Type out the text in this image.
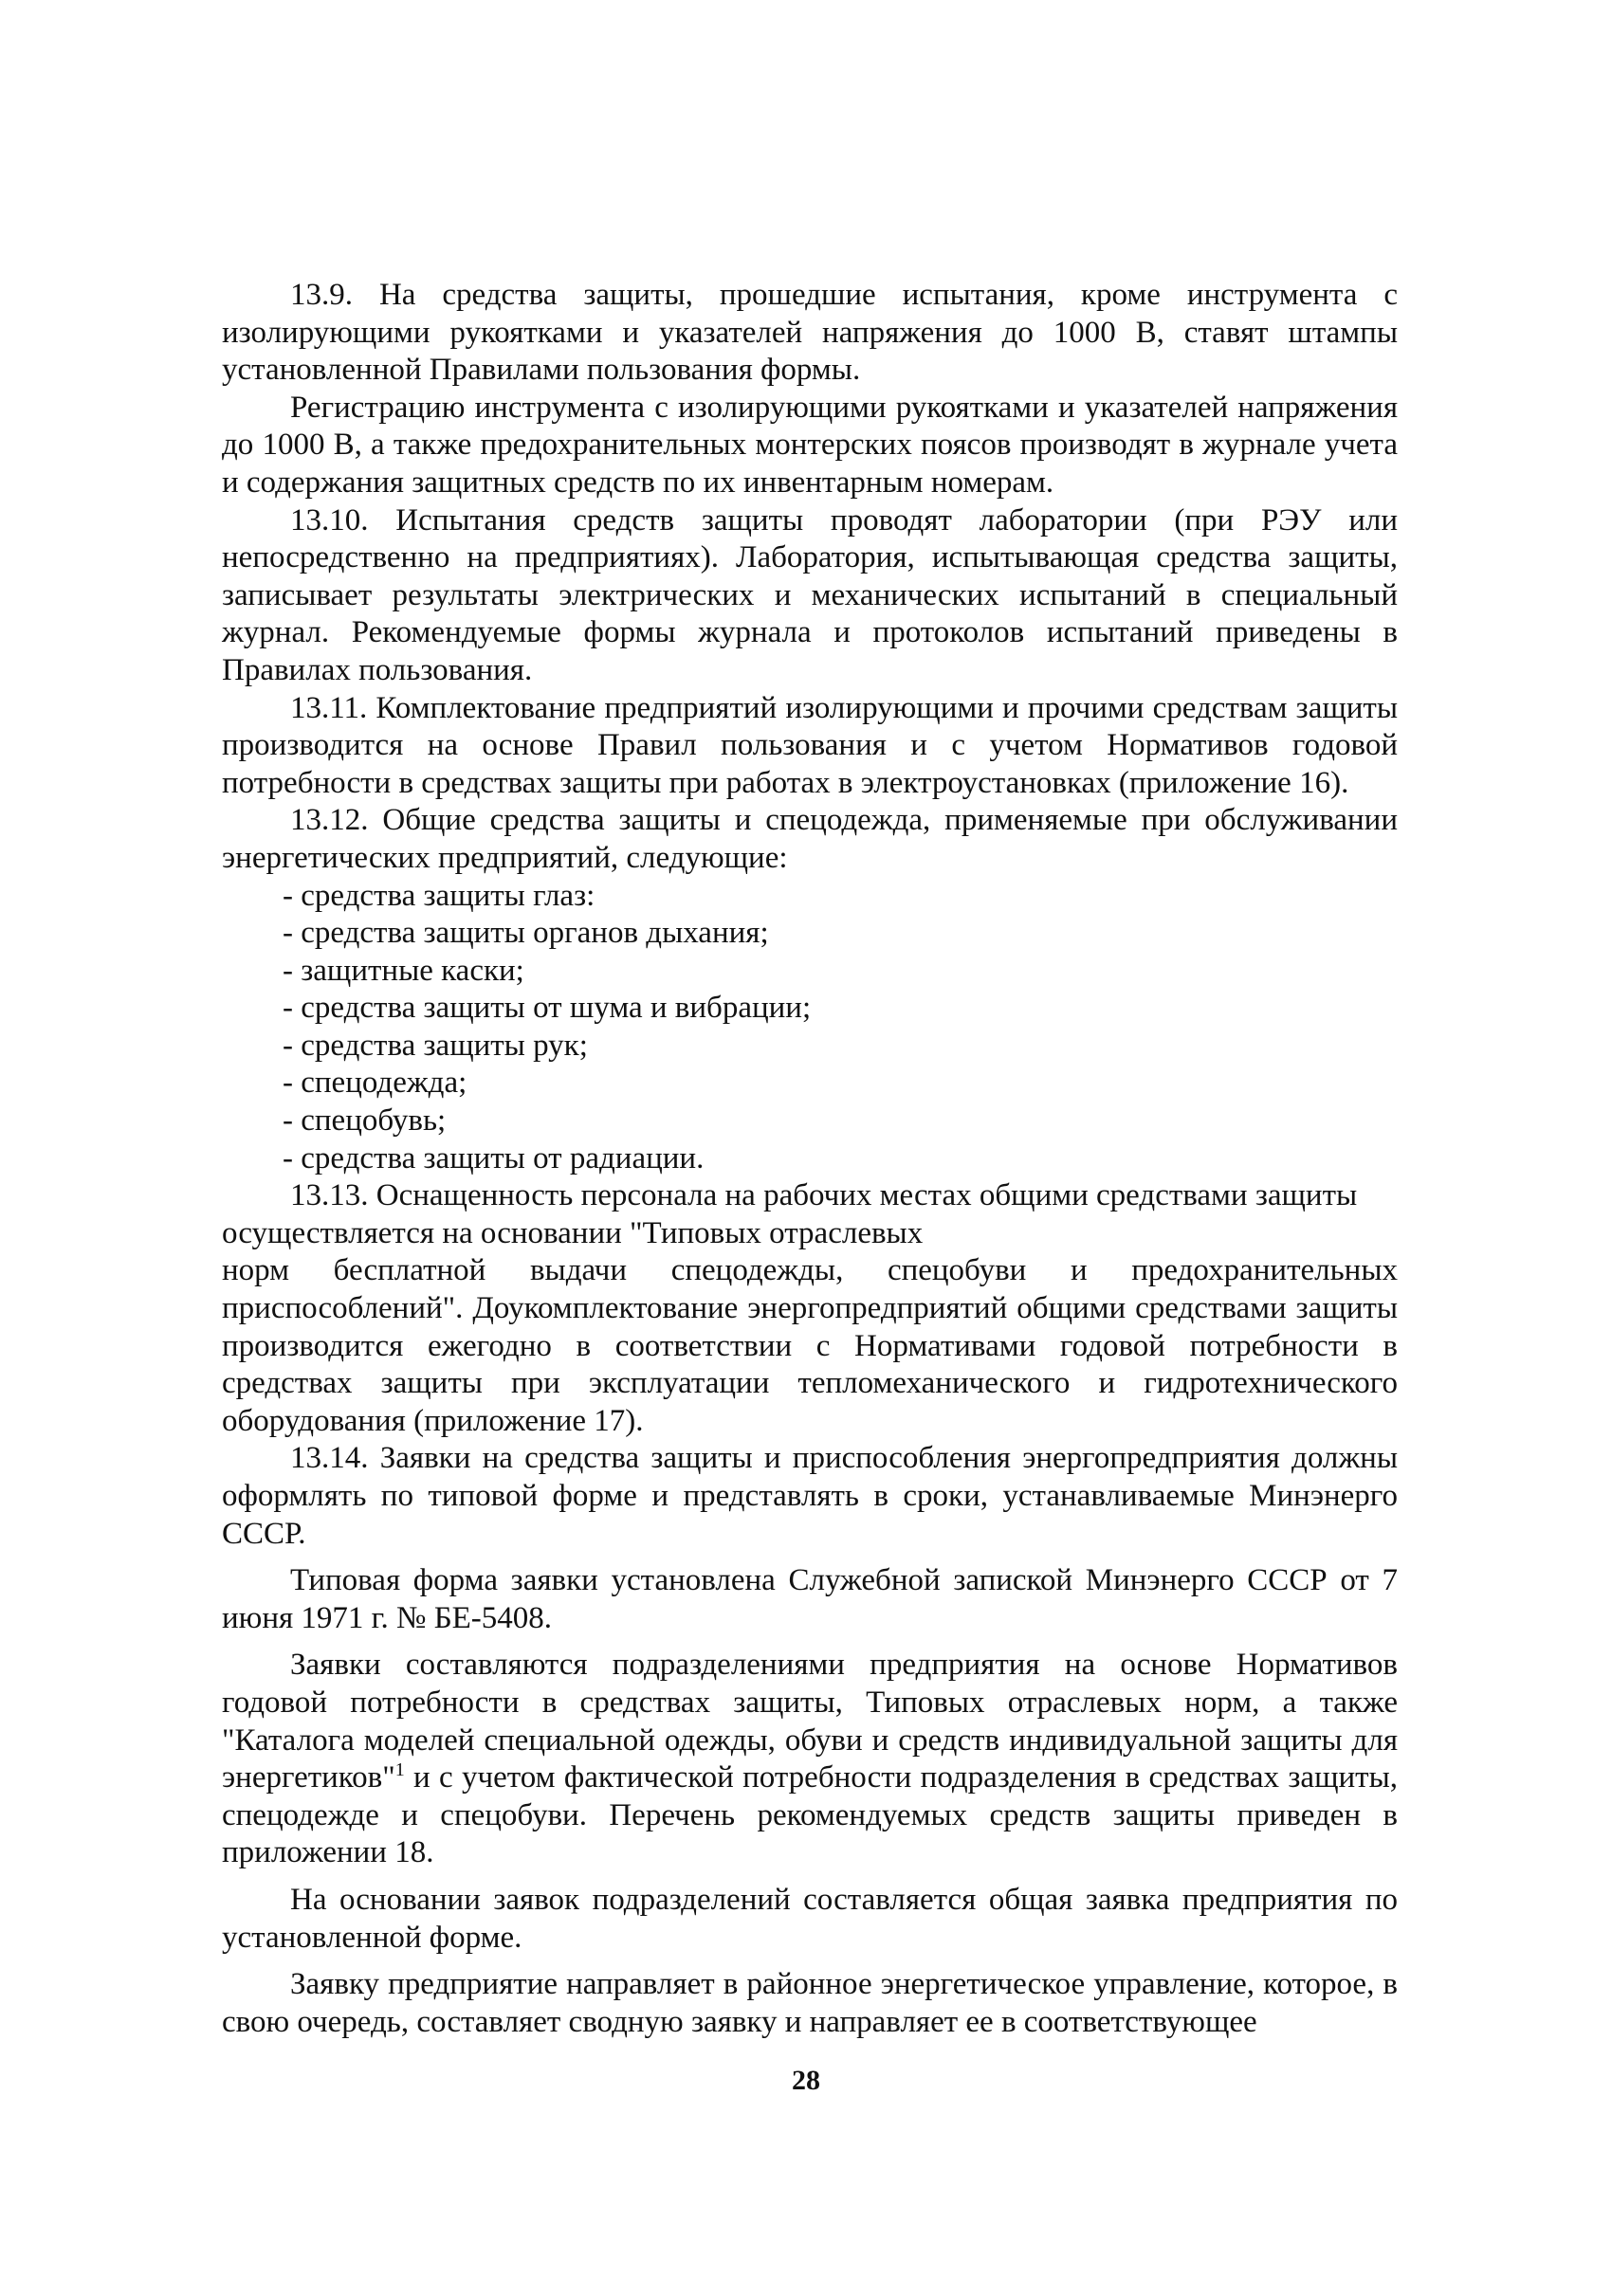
13.9. На средства защиты, прошедшие испытания, кроме инструмента с изолирующими рукоятками и указателей напряжения до 1000 В, ставят штампы установленной Правилами пользования формы.

Регистрацию инструмента с изолирующими рукоятками и указателей напряжения до 1000 В, а также предохранительных монтерских поясов производят в журнале учета и содержания защитных средств по их инвентарным номерам.

13.10. Испытания средств защиты проводят лаборатории (при РЭУ или непосредственно на предприятиях). Лаборатория, испытывающая средства защиты, записывает результаты электрических и механических испытаний в специальный журнал. Рекомендуемые формы журнала и протоколов испытаний приведены в Правилах пользования.

13.11. Комплектование предприятий изолирующими и прочими средствам защиты производится на основе Правил пользования и с учетом Нормативов годовой потребности в средствах защиты при работах в электроустановках (приложение 16).

13.12. Общие средства защиты и спецодежда, применяемые при обслуживании энергетических предприятий, следующие:

- средства защиты глаз:
- средства защиты органов дыхания;
- защитные каски;
- средства защиты от шума и вибрации;
- средства защиты рук;
- спецодежда;
- спецобувь;
- средства защиты от радиации.

13.13. Оснащенность персонала на рабочих местах общими средствами защиты

осуществляется на основании "Типовых отраслевых
норм бесплатной выдачи спецодежды, спецобуви и предохранительных

приспособлений". Доукомплектование энергопредприятий общими средствами защиты производится ежегодно в соответствии с Нормативами годовой потребности в средствах защиты при эксплуатации тепломеханического и гидротехнического оборудования (приложение 17).

13.14. Заявки на средства защиты и приспособления энергопредприятия должны оформлять по типовой форме и представлять в сроки, устанавливаемые Минэнерго СССР.

Типовая форма заявки установлена Служебной запиской Минэнерго СССР от 7 июня 1971 г. № БЕ-5408.

Заявки составляются подразделениями предприятия на основе Нормативов годовой потребности в средствах защиты, Типовых отраслевых норм, а также "Каталога моделей специальной одежды, обуви и средств индивидуальной защиты для энергетиков"$^1$ и с учетом фактической потребности подразделения в средствах защиты, спецодежде и спецобуви. Перечень рекомендуемых средств защиты приведен в приложении 18.

На основании заявок подразделений составляется общая заявка предприятия по установленной форме.

Заявку предприятие направляет в районное энергетическое управление, которое, в свою очередь, составляет сводную заявку и направляет ее в соответствующее

28
